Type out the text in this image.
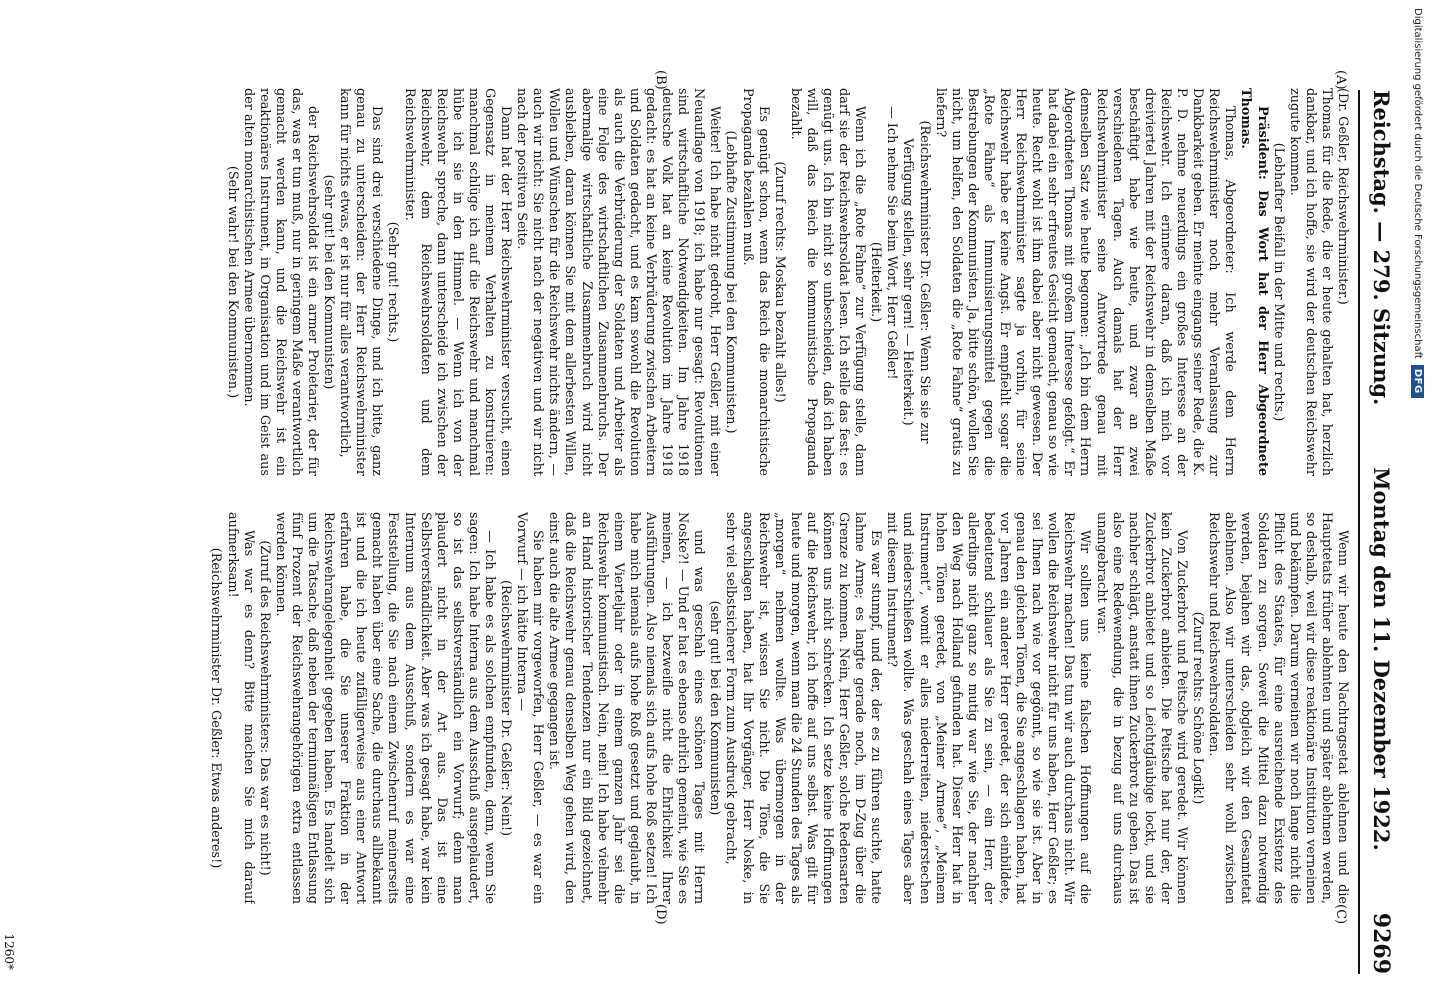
Reichstag. — 279. Sitzung.
Montag den 11. Dezember 1922.
9269
(A)
(B)
(C)
(D)

(Dr. Geßler, Reichswehrminister.)

Thomas für die Rede, die er heute gehalten hat, herzlich dankbar, und ich hoffe, sie wird der deutschen Reichswehr zugute kommen.

(Lebhafter Beifall in der Mitte und rechts.)

Präsident: Das Wort hat der Herr Abgeordnete Thomas.

Thomas, Abgeordneter: Ich werde dem Herrn Reichswehrminister noch mehr Veranlassung zur Dankbarkeit geben. Er meinte eingangs seiner Rede, die K. P. D. nehme neuerdings ein großes Interesse an der Reichswehr. Ich erinnere daran, daß ich mich vor dreiviertel Jahren mit der Reichswehr in demselben Maße beschäftigt habe wie heute, und zwar an zwei verschiedenen Tagen. Auch damals hat der Herr Reichswehrminister seine Antwortrede genau mit demselben Satz wie heute begonnen: „Ich bin dem Herrn Abgeordneten Thomas mit großem Interesse gefolgt.“ Er hat dabei ein sehr erfreutes Gesicht gemacht, genau so wie heute. Recht wohl ist ihm dabei aber nicht gewesen. Der Herr Reichswehrminister sagte ja vorhin, für seine Reichswehr habe er keine Angst. Er empfiehlt sogar die „Rote Fahne“ als Immunisierungsmittel gegen die Bestrebungen der Kommunisten. Ja, bitte schön, wollen Sie nicht, um helfen, den Soldaten die „Rote Fahne“ gratis zu liefern?

(Reichswehrminister Dr. Geßler: Wenn Sie sie zur Verfügung stellen, sehr gern! — Heiterkeit.)

— Ich nehme Sie beim Wort, Herr Geßler!

(Heiterkeit.)

Wenn ich die „Rote Fahne“ zur Verfügung stelle, dann darf sie der Reichswehrsoldat lesen. Ich stelle das fest: es genügt uns. Ich bin nicht so unbescheiden, daß ich haben will, daß das Reich die kommunistische Propaganda bezahlt.

(Zuruf rechts: Moskau bezahlt alles!)

Es genügt schon, wenn das Reich die monarchistische Propaganda bezahlen muß.

(Lebhafte Zustimmung bei den Kommunisten.)

Weiter! Ich habe nicht gedroht, Herr Geßler, mit einer Neuauflage von 1918; ich habe nur gesagt: Revolutionen sind wirtschaftliche Notwendigkeiten. Im Jahre 1918 deutsche Volk hat an keine Revolution im Jahre 1918 gedacht: es hat an keine Verbrüderung zwischen Arbeitern und Soldaten gedacht, und es kam sowohl die Revolution als auch die Verbrüderung der Soldaten und Arbeiter als eine Folge des wirtschaftlichen Zusammenbruchs. Der abermalige wirtschaftliche Zusammenbruch wird nicht ausbleiben, daran können Sie mit dem allerbesten Willen, Wollen und Wünschen für die Reichswehr nichts ändern, — auch wir nicht: Sie nicht nach der negativen und wir nicht nach der positiven Seite.

Dann hat der Herr Reichswehrminister versucht, einen Gegensatz in meinem Verhalten zu konstruieren: manchmal schlüge ich auf die Reichswehr und manchmal hübe ich sie in den Himmel. — Wenn ich von der Reichswehr spreche, dann unterscheide ich zwischen der Reichswehr, dem Reichswehrsoldaten und dem Reichswehrminister.

(Sehr gut! rechts.)

Das sind drei verschiedene Dinge, und ich bitte, ganz genau zu unterscheiden: der Herr Reichswehrminister kann für nichts etwas, er ist nur für alles verantwortlich,

(sehr gut! bei den Kommunisten)

der Reichswehrsoldat ist ein armer Proletarier, der für das, was er tun muß, nur in geringem Maße verantwortlich gemacht werden kann, und die Reichswehr ist ein reaktionäres Instrument, in Organisation und im Geist aus der alten monarchistischen Armee übernommen.

(Sehr wahr! bei den Kommunisten.)

Wenn wir heute den Nachtragsetat ablehnen und die Hauptetats früher ablehnten und später ablehnen werden, so deshalb, weil wir diese reaktionäre Institution verneinen und bekämpfen. Darum verneinen wir noch lange nicht die Pflicht des Staates, für eine ausreichende Existenz des Soldaten zu sorgen. Soweit die Mittel dazu notwendig werden, bejahen wir das, obgleich wir den Gesamtetat ablehnen. Also wir unterscheiden sehr wohl zwischen Reichswehr und Reichswehrsoldaten.

(Zuruf rechts: Schöne Logik!)

Von Zuckerbrot und Peitsche wird geredet. Wir können kein Zuckerbrot anbieten. Die Peitsche hat nur der, der Zuckerbrot anbietet und so Leichtgläubige lockt, und sie nachher schlägt, anstatt ihnen Zuckerbrot zu geben. Das ist also eine Redewendung, die in bezug auf uns durchaus unangebracht war.

Wir sollten uns keine falschen Hoffnungen auf die Reichswehr machen! Das tun wir auch durchaus nicht. Wir wollen die Reichswehr nicht für uns haben, Herr Geßler; es sei Ihnen nach wie vor gegönnt, so wie sie ist. Aber in genau den gleichen Tönen, die Sie angeschlagen haben, hat vor Jahren ein anderer Herr geredet, der sich einbildete, bedeutend schlauer als Sie zu sein, — ein Herr, der allerdings nicht ganz so mutig war wie Sie, der nachher den Weg nach Holland gefunden hat. Dieser Herr hat in hohen Tönen geredet, von „Meiner Armee“, „Meinem Instrument“, womit er alles niederreiten, niederstechen und niederschießen wollte. Was geschah eines Tages aber mit diesem Instrument?

Es war stumpf, und der, der es zu führen suchte, hatte lahme Arme; es langte gerade noch, im D-Zug über die Grenze zu kommen. Nein, Herr Geßler, solche Redensarten können uns nicht schrecken. Ich setze keine Hoffnungen auf die Reichswehr, ich hoffe auf uns selbst. Was gilt für heute und morgen, wenn man die 24 Stunden des Tages als „morgen“ nehmen wollte. Was übermorgen in der Reichswehr ist, wissen Sie nicht. Die Töne, die Sie angeschlagen haben, hat Ihr Vorgänger, Herr Noske, in sehr viel selbstsicherer Form zum Ausdruck gebracht,

(sehr gut! bei den Kommunisten)

und was geschah eines schönen Tages mit Herrn Noske?! — Und er hat es ebenso ehrlich gemeint, wie Sie es meinen, — ich bezweifle nicht die Ehrlichkeit Ihrer Ausführungen. Also niemals sich aufs hohe Roß setzen! Ich habe mich niemals aufs hohe Roß gesetzt und geglaubt, in einem Vierteljahr oder in einem ganzen Jahr sei die Reichswehr kommunistisch. Nein, nein! Ich habe vielmehr an Hand historischer Tendenzen nur ein Bild gezeichnet, daß die Reichswehr genau denselben Weg gehen wird, den einst auch die alte Armee gegangen ist.

Sie haben mir vorgeworfen, Herr Geßler, — es war ein Vorwurf — ich hätte Interna —

(Reichswehrminister Dr. Geßler: Nein!)

— Ich habe es als solchen empfunden, denn, wenn Sie sagen: Ich habe Interna aus dem Ausschuß ausgeplaudert, so ist das selbstverständlich ein Vorwurf; denn man plaudert nicht in der Art aus. Das ist eine Selbstverständlichkeit. Aber was ich gesagt habe, war kein Internum aus dem Ausschuß, sondern es war eine Feststellung, die Sie nach einem Zwischenruf meinerseits gemacht haben über eine Sache, die durchaus allbekannt ist und die ich heute zufälligerweise aus einer Antwort erfahren habe, die Sie unserer Fraktion in der Reichswehrangelegenheit gegeben haben. Es handelt sich um die Tatsache, daß neben der terminmäßigen Entlassung fünf Prozent der Reichswehrangehörigen extra entlassen werden können.

(Zuruf des Reichswehrministers: Das war es nicht!)

Was war es denn? Bitte machen Sie mich darauf aufmerksam!

(Reichswehrminister Dr. Geßler: Etwas anderes!)

1260*
Digitalisierung gefördert durch die Deutsche Forschungsgemeinschaft
DFG
